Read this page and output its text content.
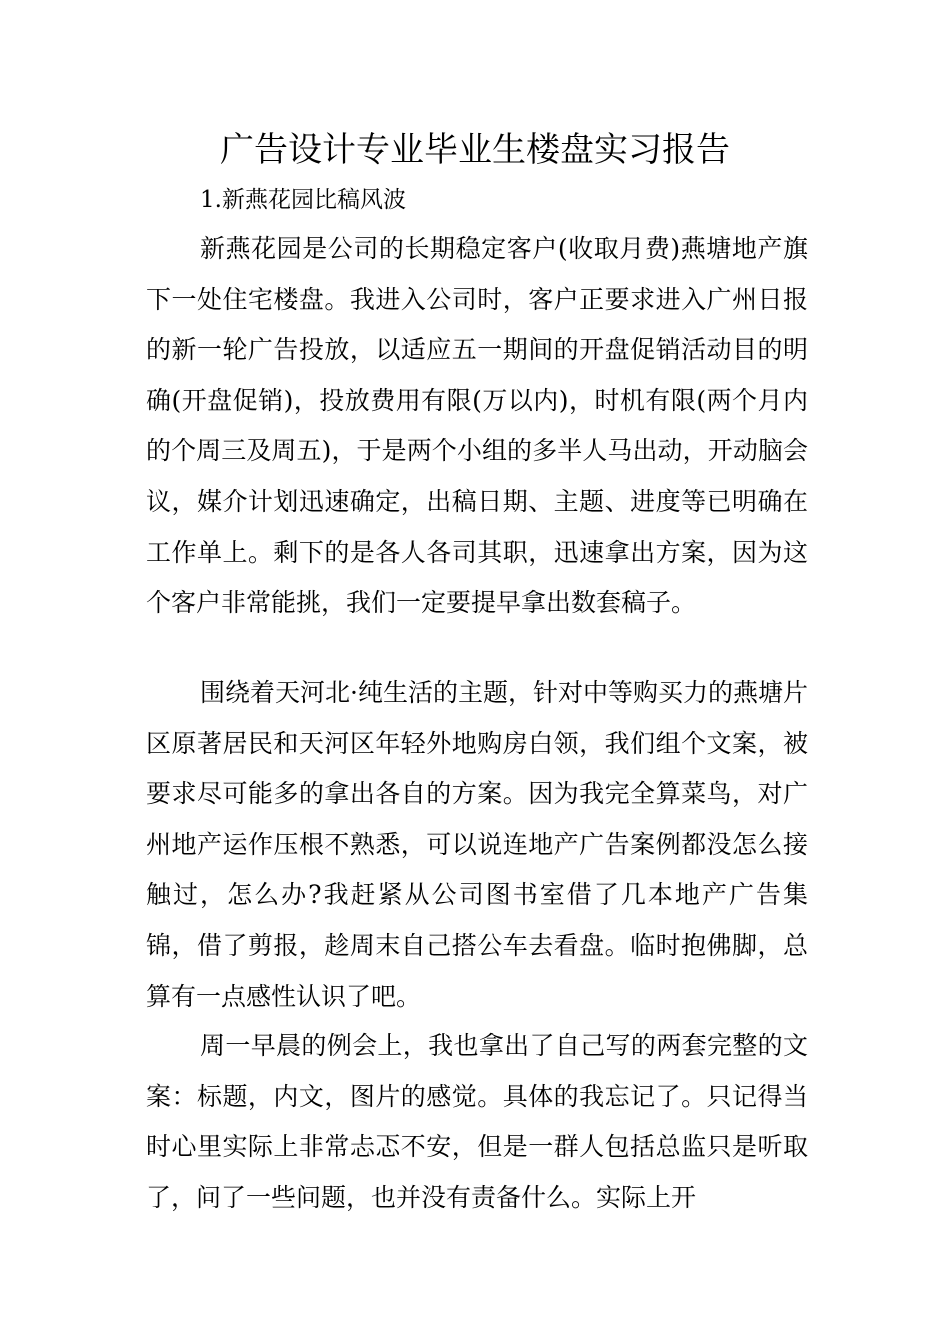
广告设计专业毕业生楼盘实习报告

1.新燕花园比稿风波

新燕花园是公司的长期稳定客户(收取月费)燕塘地产旗下一处住宅楼盘。我进入公司时，客户正要求进入广州日报的新一轮广告投放，以适应五一期间的开盘促销活动目的明确(开盘促销)，投放费用有限(万以内)，时机有限(两个月内的个周三及周五)，于是两个小组的多半人马出动，开动脑会议，媒介计划迅速确定，出稿日期、主题、进度等已明确在工作单上。剩下的是各人各司其职，迅速拿出方案，因为这个客户非常能挑，我们一定要提早拿出数套稿子。

围绕着天河北·纯生活的主题，针对中等购买力的燕塘片区原著居民和天河区年轻外地购房白领，我们组个文案，被要求尽可能多的拿出各自的方案。因为我完全算菜鸟，对广州地产运作压根不熟悉，可以说连地产广告案例都没怎么接触过，怎么办?我赶紧从公司图书室借了几本地产广告集锦，借了剪报，趁周末自己搭公车去看盘。临时抱佛脚，总算有一点感性认识了吧。

周一早晨的例会上，我也拿出了自己写的两套完整的文案：标题，内文，图片的感觉。具体的我忘记了。只记得当时心里实际上非常忐忑不安，但是一群人包括总监只是听取了，问了一些问题，也并没有责备什么。实际上开
